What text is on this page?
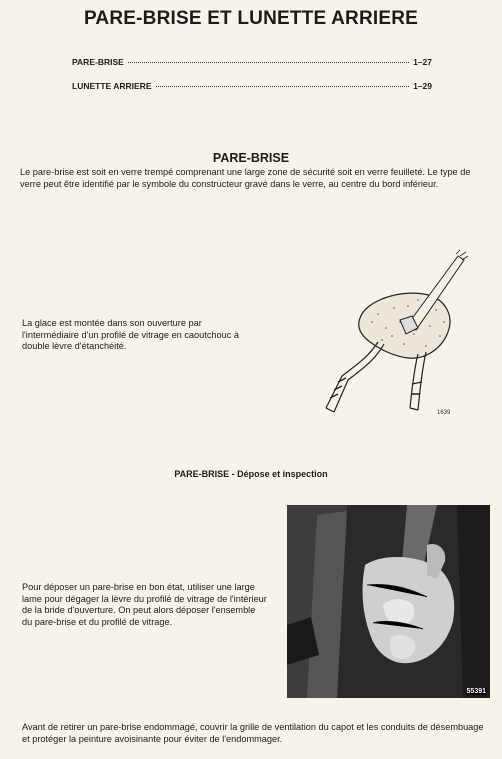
PARE-BRISE ET LUNETTE ARRIERE
PARE-BRISE	1–27
LUNETTE ARRIERE	1–29
PARE-BRISE
Le pare-brise est soit en verre trempé comprenant une large zone de sécurité soit en verre feuilleté. Le type de verre peut être identifié par le symbole du constructeur gravé dans le verre, au centre du bord inférieur.
La glace est montée dans son ouverture par l'intermédiaire d'un profilé de vitrage en caoutchouc à double lèvre d'étanchéité.
1639
PARE-BRISE - Dépose et inspection
55391
Pour déposer un pare-brise en bon état, utiliser une large lame pour dégager la lèvre du profilé de vitrage de l'intérieur de la bride d'ouverture. On peut alors déposer l'ensemble du pare-brise et du profilé de vitrage.
Avant de retirer un pare-brise endommagé, couvrir la grille de ventilation du capot et les conduits de désembuage et protéger la peinture avoisinante pour éviter de l'endommager.
